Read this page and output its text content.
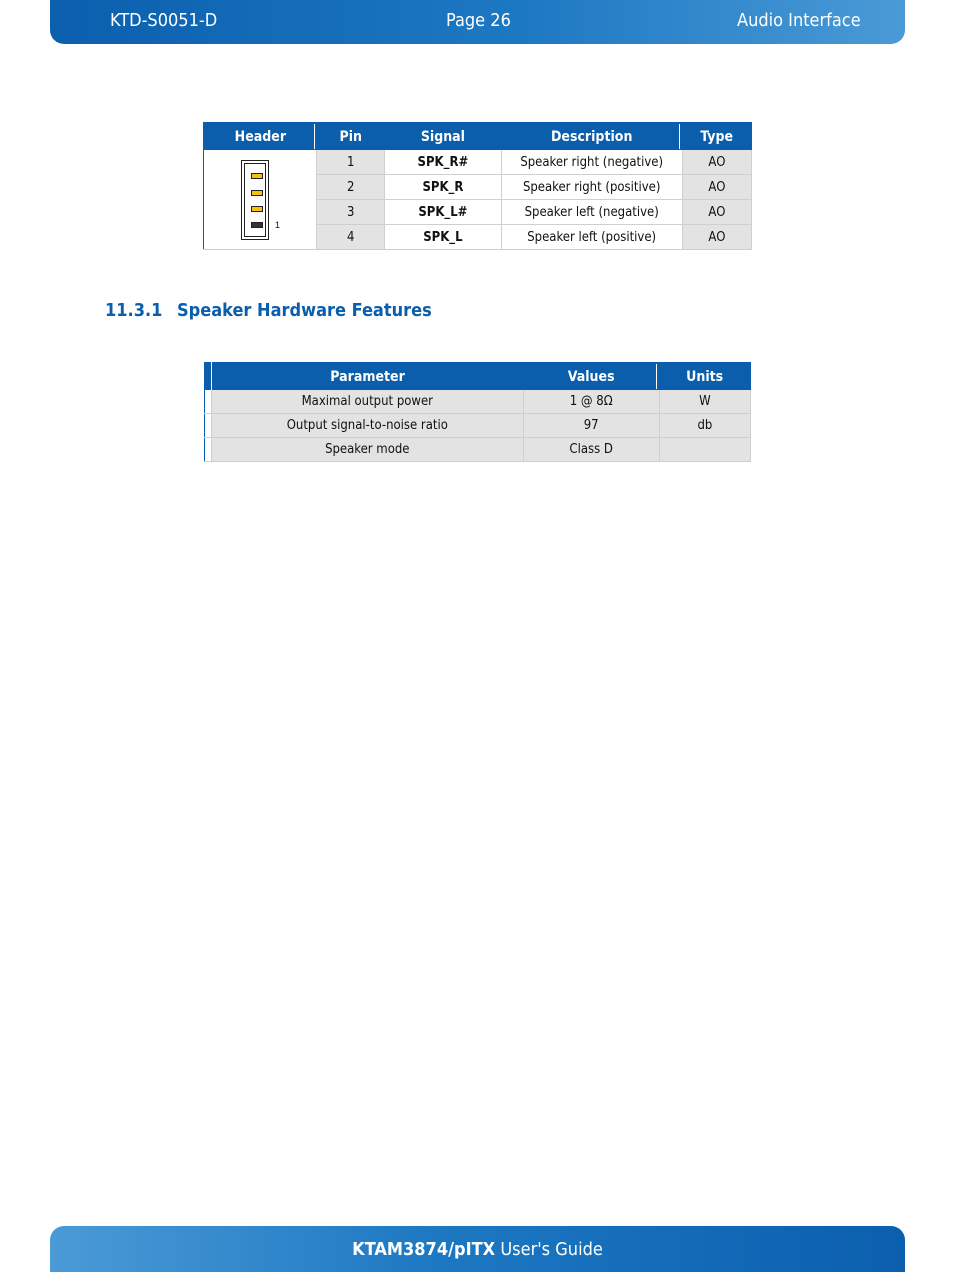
KTD-S0051-D	Page 26	Audio Interface
Header	Pin	Signal	Description	Type

1	1	SPK_R#	Speaker right (negative)	AO
	2	SPK_R	Speaker right (positive)	AO
	3	SPK_L#	Speaker left (negative)	AO
	4	SPK_L	Speaker left (positive)	AO
11.3.1 Speaker Hardware Features
	Parameter	Values	Units
	Maximal output power	1 @ 8Ω	W
	Output signal-to-noise ratio	97	db
	Speaker mode	Class D	
KTAM3874/pITX User's Guide
